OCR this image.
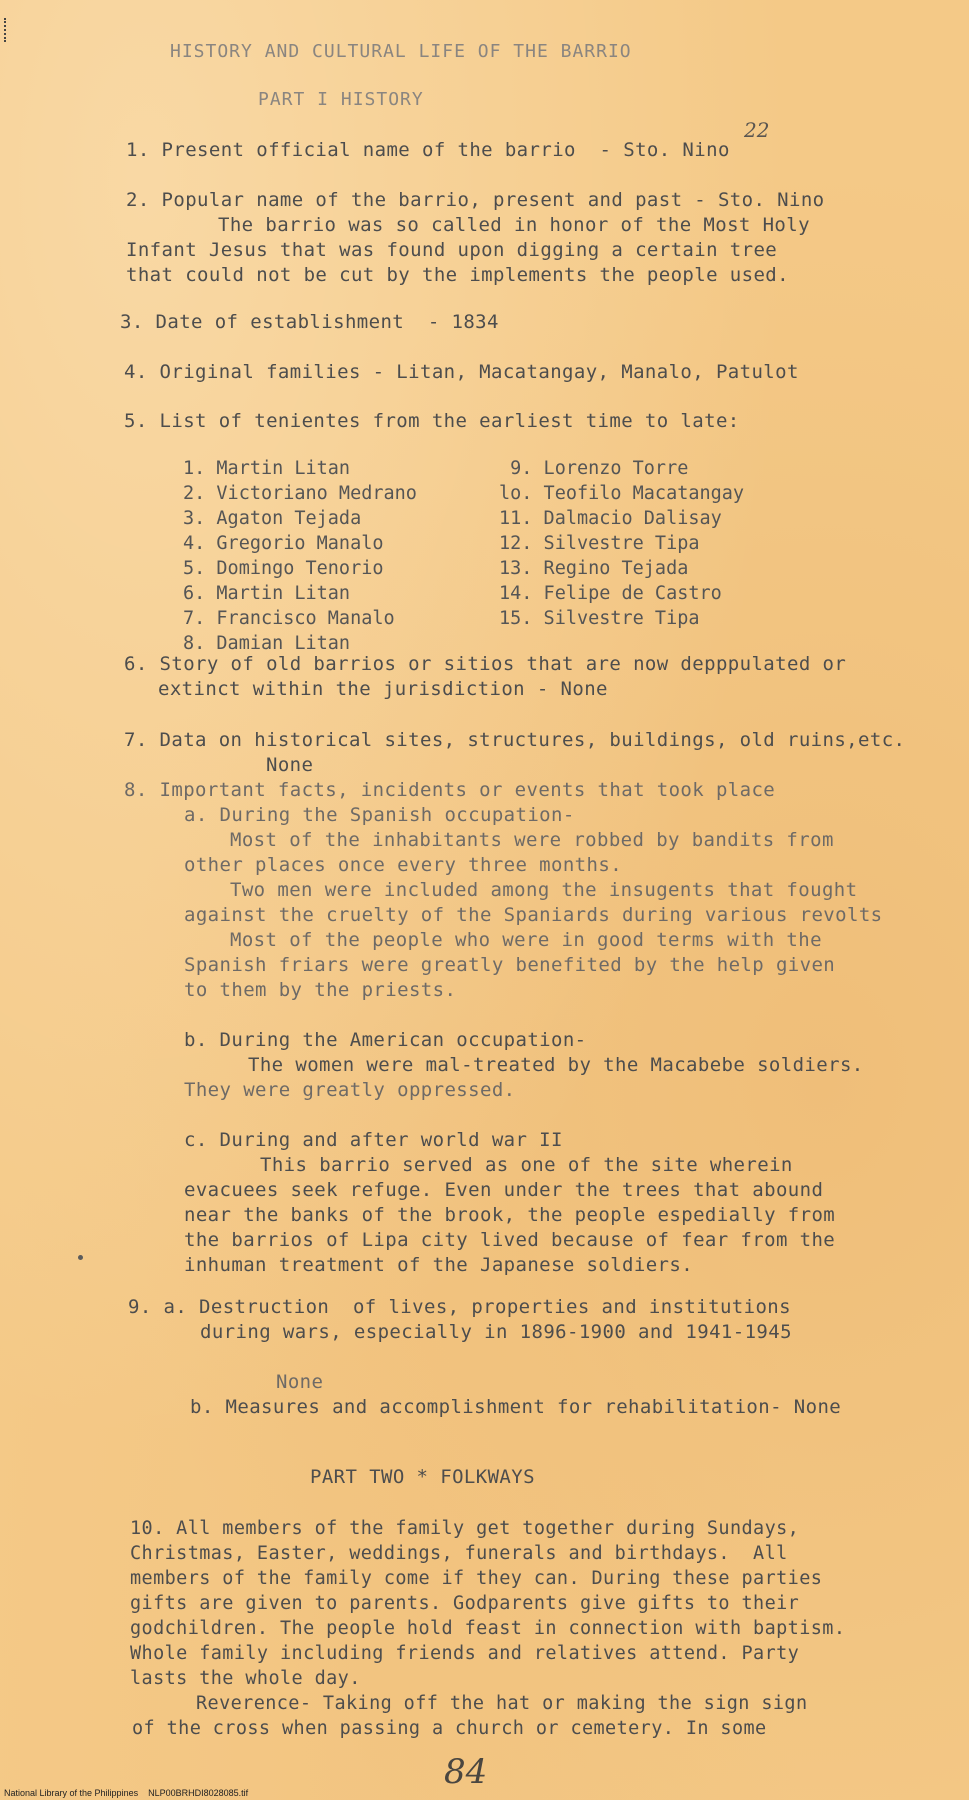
HISTORY AND CULTURAL LIFE OF THE BARRIO
PART I HISTORY
22
1. Present official name of the barrio  - Sto. Nino
2. Popular name of the barrio, present and past - Sto. Nino
The barrio was so called in honor of the Most Holy
Infant Jesus that was found upon digging a certain tree
that could not be cut by the implements the people used.
3. Date of establishment  - 1834
4. Original families - Litan, Macatangay, Manalo, Patulot
5. List of tenientes from the earliest time to late:
1. Martin Litan
2. Victoriano Medrano
3. Agaton Tejada
4. Gregorio Manalo
5. Domingo Tenorio
6. Martin Litan
7. Francisco Manalo
8. Damian Litan
9. Lorenzo Torre
lo. Teofilo Macatangay
11. Dalmacio Dalisay
12. Silvestre Tipa
13. Regino Tejada
14. Felipe de Castro
15. Silvestre Tipa
6. Story of old barrios or sitios that are now depppulated or
extinct within the jurisdiction - None
7. Data on historical sites, structures, buildings, old ruins,etc.
None
8. Important facts, incidents or events that took place
a. During the Spanish occupation-
Most of the inhabitants were robbed by bandits from
other places once every three months.
Two men were included among the insugents that fought
against the cruelty of the Spaniards during various revolts
Most of the people who were in good terms with the
Spanish friars were greatly benefited by the help given
to them by the priests.
b. During the American occupation-
The women were mal-treated by the Macabebe soldiers.
They were greatly oppressed.
c. During and after world war II
This barrio served as one of the site wherein
evacuees seek refuge. Even under the trees that abound
near the banks of the brook, the people espedially from
the barrios of Lipa city lived because of fear from the
inhuman treatment of the Japanese soldiers.
9. a. Destruction  of lives, properties and institutions
during wars, especially in 1896-1900 and 1941-1945
None
b. Measures and accomplishment for rehabilitation- None
PART TWO * FOLKWAYS
10. All members of the family get together during Sundays,
Christmas, Easter, weddings, funerals and birthdays.  All
members of the family come if they can. During these parties
gifts are given to parents. Godparents give gifts to their
godchildren. The people hold feast in connection with baptism.
Whole family including friends and relatives attend. Party
lasts the whole day.
Reverence- Taking off the hat or making the sign sign
of the cross when passing a church or cemetery. In some
84
National Library of the Philippines    NLP00BRHDI8028085.tif
